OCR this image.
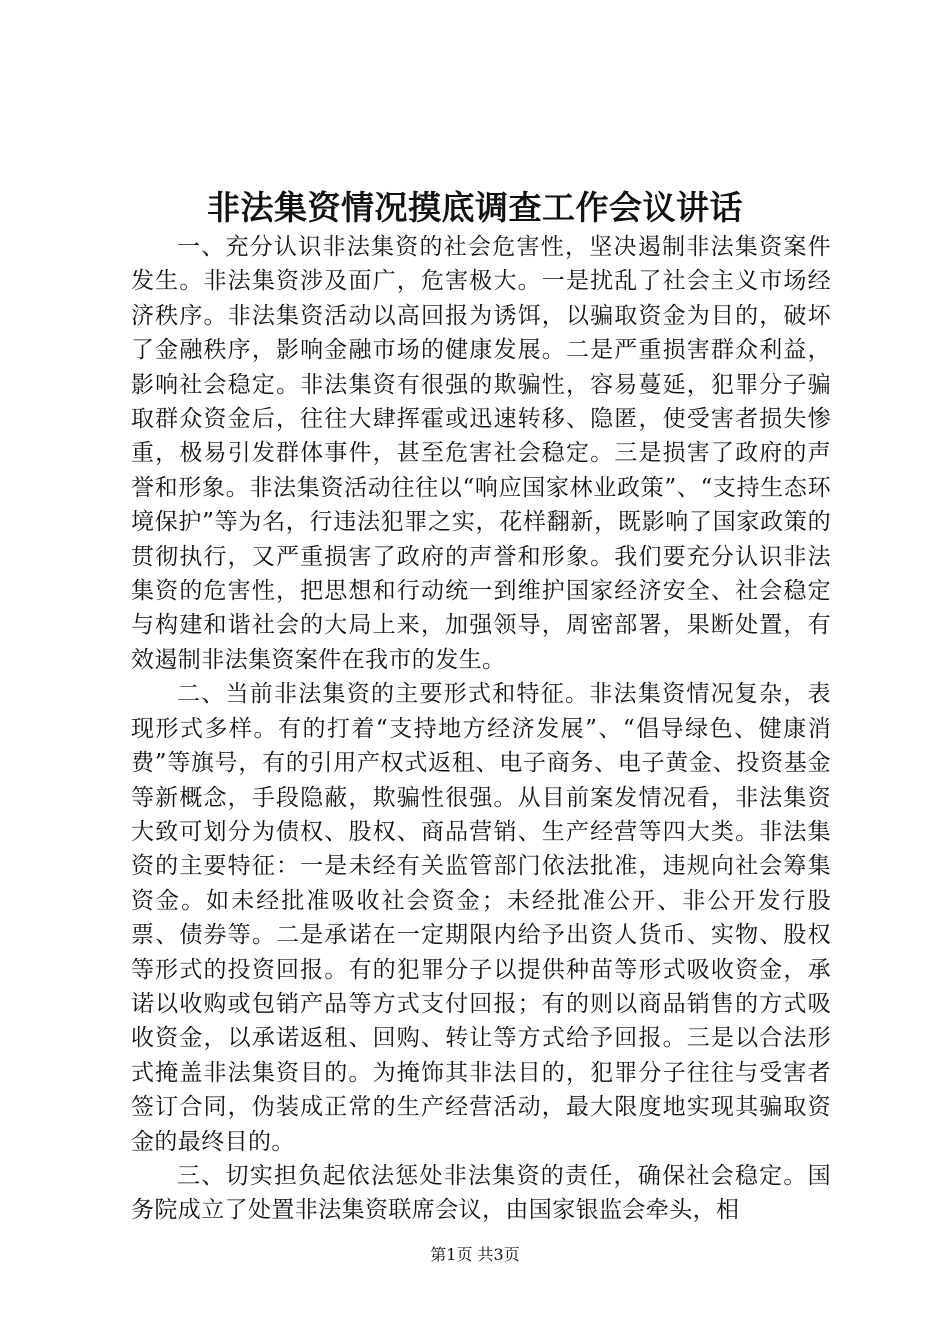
非法集资情况摸底调查工作会议讲话

一、充分认识非法集资的社会危害性，坚决遏制非法集资案件发生。非法集资涉及面广，危害极大。一是扰乱了社会主义市场经济秩序。非法集资活动以高回报为诱饵，以骗取资金为目的，破坏了金融秩序，影响金融市场的健康发展。二是严重损害群众利益，影响社会稳定。非法集资有很强的欺骗性，容易蔓延，犯罪分子骗取群众资金后，往往大肆挥霍或迅速转移、隐匿，使受害者损失惨重，极易引发群体事件，甚至危害社会稳定。三是损害了政府的声誉和形象。非法集资活动往往以“响应国家林业政策”、“支持生态环境保护”等为名，行违法犯罪之实，花样翻新，既影响了国家政策的贯彻执行，又严重损害了政府的声誉和形象。我们要充分认识非法集资的危害性，把思想和行动统一到维护国家经济安全、社会稳定与构建和谐社会的大局上来，加强领导，周密部署，果断处置，有效遏制非法集资案件在我市的发生。

二、当前非法集资的主要形式和特征。非法集资情况复杂，表现形式多样。有的打着“支持地方经济发展”、“倡导绿色、健康消费”等旗号，有的引用产权式返租、电子商务、电子黄金、投资基金等新概念，手段隐蔽，欺骗性很强。从目前案发情况看，非法集资大致可划分为债权、股权、商品营销、生产经营等四大类。非法集资的主要特征：一是未经有关监管部门依法批准，违规向社会筹集资金。如未经批准吸收社会资金；未经批准公开、非公开发行股票、债券等。二是承诺在一定期限内给予出资人货币、实物、股权等形式的投资回报。有的犯罪分子以提供种苗等形式吸收资金，承诺以收购或包销产品等方式支付回报；有的则以商品销售的方式吸收资金，以承诺返租、回购、转让等方式给予回报。三是以合法形式掩盖非法集资目的。为掩饰其非法目的，犯罪分子往往与受害者签订合同，伪装成正常的生产经营活动，最大限度地实现其骗取资金的最终目的。

三、切实担负起依法惩处非法集资的责任，确保社会稳定。国务院成立了处置非法集资联席会议，由国家银监会牵头，相

第1页 共3页
